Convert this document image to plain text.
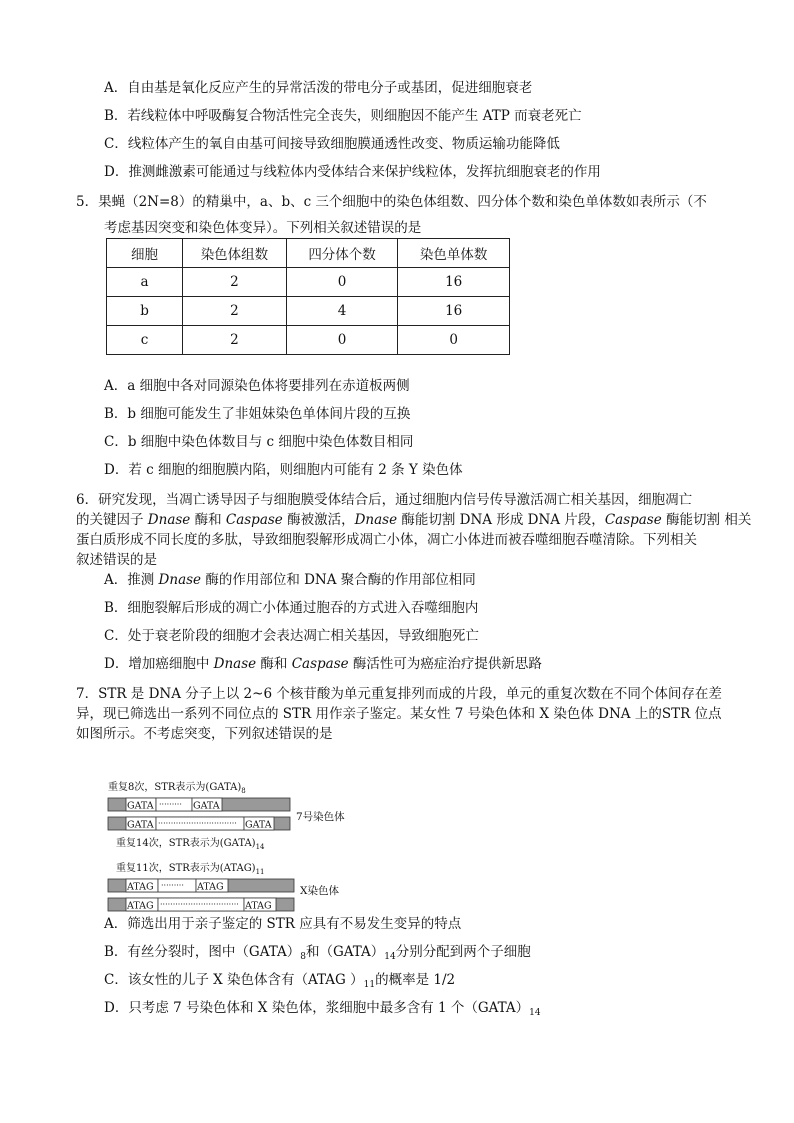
A．自由基是氧化反应产生的异常活泼的带电分子或基团，促进细胞衰老
B．若线粒体中呼吸酶复合物活性完全丧失，则细胞因不能产生 ATP 而衰老死亡
C．线粒体产生的氧自由基可间接导致细胞膜通透性改变、物质运输功能降低
D．推测雌激素可能通过与线粒体内受体结合来保护线粒体，发挥抗细胞衰老的作用
5．果蝇（2N=8）的精巢中，a、b、c 三个细胞中的染色体组数、四分体个数和染色单体数如表所示（不
考虑基因突变和染色体变异）。下列相关叙述错误的是
细胞	染色体组数	四分体个数	染色单体数
a	2	0	16
b	2	4	16
c	2	0	0
A．a 细胞中各对同源染色体将要排列在赤道板两侧
B．b 细胞可能发生了非姐妹染色单体间片段的互换
C．b 细胞中染色体数目与 c 细胞中染色体数目相同
D．若 c 细胞的细胞膜内陷，则细胞内可能有 2 条 Y 染色体
6．研究发现，当凋亡诱导因子与细胞膜受体结合后，通过细胞内信号传导激活凋亡相关基因，细胞凋亡
的关键因子 Dnase 酶和 Caspase 酶被激活，Dnase 酶能切割 DNA 形成 DNA 片段，Caspase 酶能切割 相关
蛋白质形成不同长度的多肽，导致细胞裂解形成凋亡小体，凋亡小体进而被吞噬细胞吞噬清除。下列相关
叙述错误的是
A．推测 Dnase 酶的作用部位和 DNA 聚合酶的作用部位相同
B．细胞裂解后形成的凋亡小体通过胞吞的方式进入吞噬细胞内
C．处于衰老阶段的细胞才会表达凋亡相关基因，导致细胞死亡
D．增加癌细胞中 Dnase 酶和 Caspase 酶活性可为癌症治疗提供新思路
7．STR 是 DNA 分子上以 2~6 个核苷酸为单元重复排列而成的片段，单元的重复次数在不同个体间存在差
异，现已筛选出一系列不同位点的 STR 用作亲子鉴定。某女性 7 号染色体和 X 染色体 DNA 上的STR 位点
如图所示。不考虑突变，下列叙述错误的是
重复8次，STR表示为$(GATA)_8$
GATA ········· GATA
GATA ······························· GATA
7号染色体
重复14次，STR表示为$(GATA)_{14}$
重复11次，STR表示为$(ATAG)_{11}$
ATAG ········· ATAG	X染色体
ATAG ······························· ATAG
A．筛选出用于亲子鉴定的 STR 应具有不易发生变异的特点
B．有丝分裂时，图中$(GATA)_8$和$(GATA)_{14}$分别分配到两个子细胞
C．该女性的儿子 X 染色体含有（ATAG ）$_{11}$的概率是 1/2
D．只考虑 7 号染色体和 X 染色体，浆细胞中最多含有 1 个$(GATA)_{14}$
